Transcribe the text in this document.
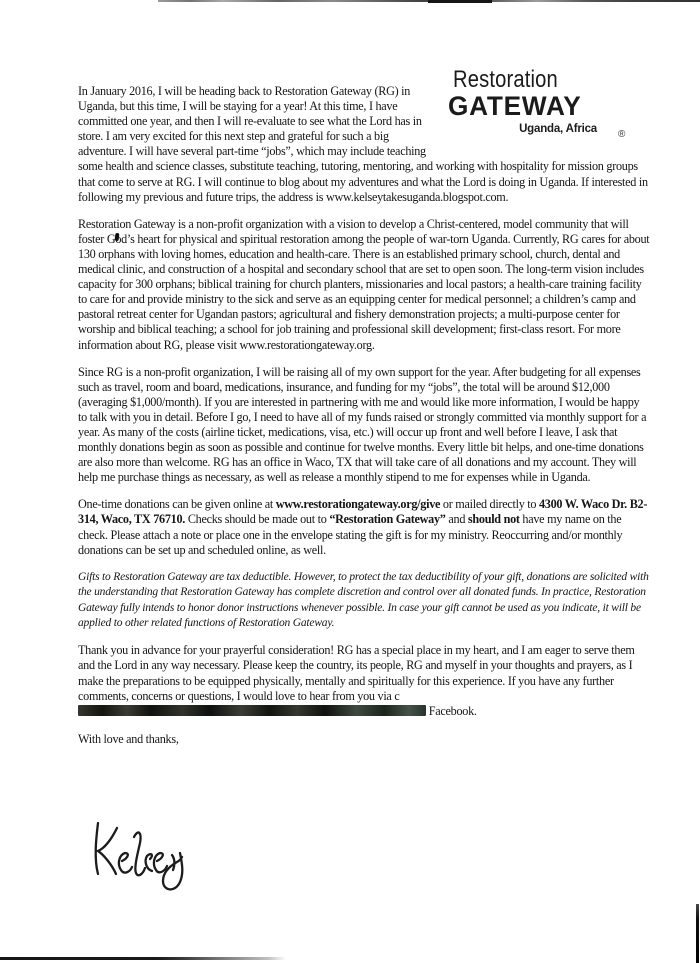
Restoration
GATEWAY
Uganda, Africa	®

In January 2016, I will be heading back to Restoration Gateway (RG) in Uganda, but this time, I will be staying for a year! At this time, I have committed one year, and then I will re-evaluate to see what the Lord has in store. I am very excited for this next step and grateful for such a big adventure. I will have several part-time “jobs”, which may include teaching some health and science classes, substitute teaching, tutoring, mentoring, and working with hospitality for mission groups that come to serve at RG. I will continue to blog about my adventures and what the Lord is doing in Uganda. If interested in following my previous and future trips, the address is www.kelseytakesuganda.blogspot.com.

Restoration Gateway is a non-profit organization with a vision to develop a Christ-centered, model community that will foster God’s heart for physical and spiritual restoration among the people of war-torn Uganda. Currently, RG cares for about 130 orphans with loving homes, education and health-care. There is an established primary school, church, dental and medical clinic, and construction of a hospital and secondary school that are set to open soon. The long-term vision includes capacity for 300 orphans; biblical training for church planters, missionaries and local pastors; a health-care training facility to care for and provide ministry to the sick and serve as an equipping center for medical personnel; a children’s camp and pastoral retreat center for Ugandan pastors; agricultural and fishery demonstration projects; a multi-purpose center for worship and biblical teaching; a school for job training and professional skill development; first-class resort. For more information about RG, please visit www.restorationgateway.org.

Since RG is a non-profit organization, I will be raising all of my own support for the year. After budgeting for all expenses such as travel, room and board, medications, insurance, and funding for my “jobs”, the total will be around $12,000 (averaging $1,000/month). If you are interested in partnering with me and would like more information, I would be happy to talk with you in detail. Before I go, I need to have all of my funds raised or strongly committed via monthly support for a year. As many of the costs (airline ticket, medications, visa, etc.) will occur up front and well before I leave, I ask that monthly donations begin as soon as possible and continue for twelve months. Every little bit helps, and one-time donations are also more than welcome. RG has an office in Waco, TX that will take care of all donations and my account. They will help me purchase things as necessary, as well as release a monthly stipend to me for expenses while in Uganda.

One-time donations can be given online at www.restorationgateway.org/give or mailed directly to 4300 W. Waco Dr. B2-314, Waco, TX 76710. Checks should be made out to “Restoration Gateway” and should not have my name on the check. Please attach a note or place one in the envelope stating the gift is for my ministry. Reoccurring and/or monthly donations can be set up and scheduled online, as well.

Gifts to Restoration Gateway are tax deductible. However, to protect the tax deductibility of your gift, donations are solicited with the understanding that Restoration Gateway has complete discretion and control over all donated funds. In practice, Restoration Gateway fully intends to honor donor instructions whenever possible. In case your gift cannot be used as you indicate, it will be applied to other related functions of Restoration Gateway.

Thank you in advance for your prayerful consideration! RG has a special place in my heart, and I am eager to serve them and the Lord in any way necessary. Please keep the country, its people, RG and myself in your thoughts and prayers, as I make the preparations to be equipped physically, mentally and spiritually for this experience. If you have any further comments, concerns or questions, I would love to hear from you via c Facebook.

With love and thanks,
